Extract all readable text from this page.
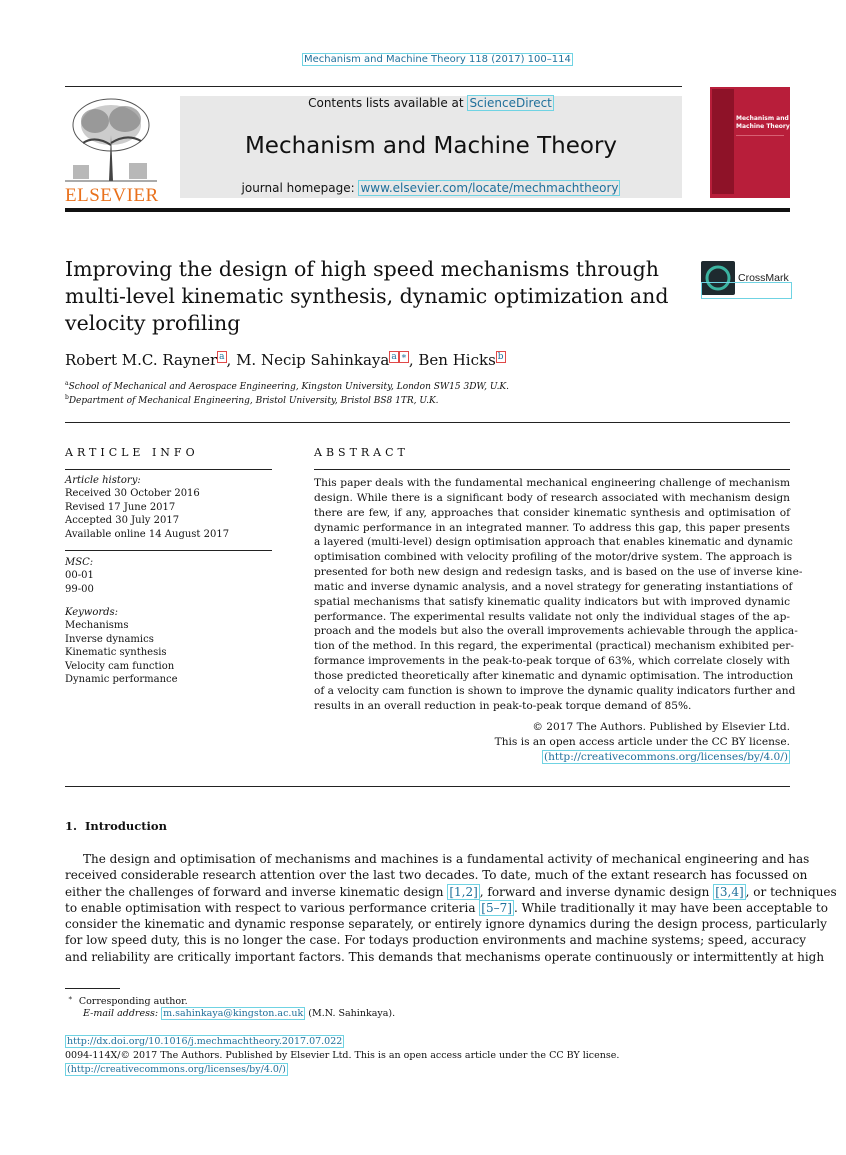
Mechanism and Machine Theory 118 (2017) 100–114
ELSEVIER
Contents lists available at ScienceDirect
Mechanism and Machine Theory
journal homepage: www.elsevier.com/locate/mechmachtheory
Mechanism and
Machine Theory
Improving the design of high speed mechanisms through
multi-level kinematic synthesis, dynamic optimization and
velocity profiling
CrossMark
Robert M.C. Rayner $^a$ , M. Necip Sahinkaya $^a$ ∗ , Ben Hicks $^b$
$^a$School of Mechanical and Aerospace Engineering, Kingston University, London SW15 3DW, U.K.
$^b$Department of Mechanical Engineering, Bristol University, Bristol BS8 1TR, U.K.
ARTICLE INFO
Article history:
Received 30 October 2016
Revised 17 June 2017
Accepted 30 July 2017
Available online 14 August 2017
MSC:
00-01
99-00
Keywords:
Mechanisms
Inverse dynamics
Kinematic synthesis
Velocity cam function
Dynamic performance
ABSTRACT
This paper deals with the fundamental mechanical engineering challenge of mechanism
design. While there is a significant body of research associated with mechanism design
there are few, if any, approaches that consider kinematic synthesis and optimisation of
dynamic performance in an integrated manner. To address this gap, this paper presents
a layered (multi-level) design optimisation approach that enables kinematic and dynamic
optimisation combined with velocity profiling of the motor/drive system. The approach is
presented for both new design and redesign tasks, and is based on the use of inverse kine-
matic and inverse dynamic analysis, and a novel strategy for generating instantiations of
spatial mechanisms that satisfy kinematic quality indicators but with improved dynamic
performance. The experimental results validate not only the individual stages of the ap-
proach and the models but also the overall improvements achievable through the applica-
tion of the method. In this regard, the experimental (practical) mechanism exhibited per-
formance improvements in the peak-to-peak torque of 63%, which correlate closely with
those predicted theoretically after kinematic and dynamic optimisation. The introduction
of a velocity cam function is shown to improve the dynamic quality indicators further and
results in an overall reduction in peak-to-peak torque demand of 85%.
© 2017 The Authors. Published by Elsevier Ltd.
This is an open access article under the CC BY license.
(http://creativecommons.org/licenses/by/4.0/)
1. Introduction
The design and optimisation of mechanisms and machines is a fundamental activity of mechanical engineering and has
received considerable research attention over the last two decades. To date, much of the extant research has focussed on
either the challenges of forward and inverse kinematic design [1,2] , forward and inverse dynamic design [3,4] , or techniques
to enable optimisation with respect to various performance criteria [5–7] . While traditionally it may have been acceptable to
consider the kinematic and dynamic response separately, or entirely ignore dynamics during the design process, particularly
for low speed duty, this is no longer the case. For todays production environments and machine systems; speed, accuracy
and reliability are critically important factors. This demands that mechanisms operate continuously or intermittently at high
∗ Corresponding author.
E-mail address: m.sahinkaya@kingston.ac.uk (M.N. Sahinkaya).
http://dx.doi.org/10.1016/j.mechmachtheory.2017.07.022
0094-114X/© 2017 The Authors. Published by Elsevier Ltd. This is an open access article under the CC BY license.
(http://creativecommons.org/licenses/by/4.0/)
